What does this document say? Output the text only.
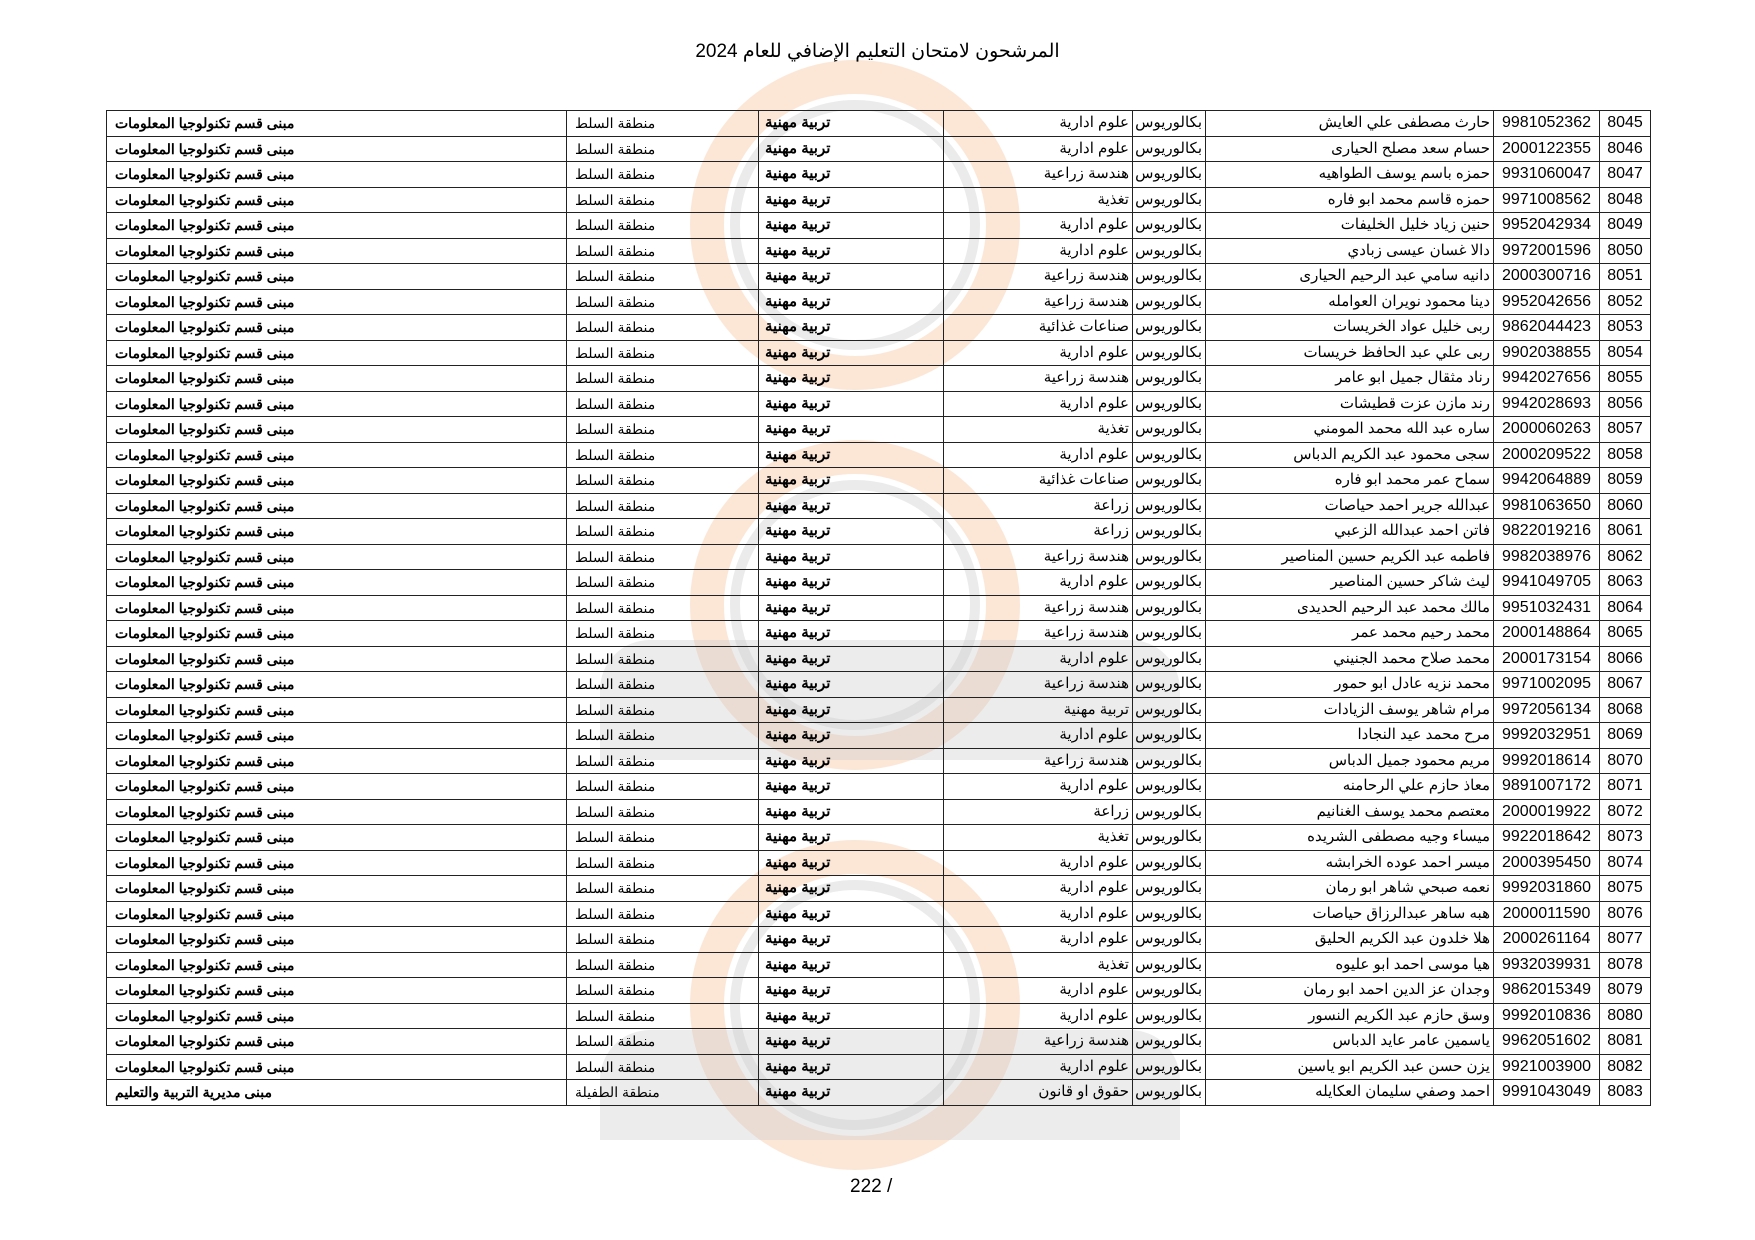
المرشحون لامتحان التعليم الإضافي للعام 2024
8045	9981052362	حارث مصطفى علي العايش	بكالوريوس	علوم ادارية	تربية مهنية	منطقة السلط	مبنى قسم تكنولوجيا المعلومات
8046	2000122355	حسام سعد مصلح الحيارى	بكالوريوس	علوم ادارية	تربية مهنية	منطقة السلط	مبنى قسم تكنولوجيا المعلومات
8047	9931060047	حمزه باسم يوسف الطواهيه	بكالوريوس	هندسة زراعية	تربية مهنية	منطقة السلط	مبنى قسم تكنولوجيا المعلومات
8048	9971008562	حمزه قاسم محمد ابو فاره	بكالوريوس	تغذية	تربية مهنية	منطقة السلط	مبنى قسم تكنولوجيا المعلومات
8049	9952042934	حنين زياد خليل الخليفات	بكالوريوس	علوم ادارية	تربية مهنية	منطقة السلط	مبنى قسم تكنولوجيا المعلومات
8050	9972001596	دالا غسان عيسى زبادي	بكالوريوس	علوم ادارية	تربية مهنية	منطقة السلط	مبنى قسم تكنولوجيا المعلومات
8051	2000300716	دانيه سامي عبد الرحيم الحيارى	بكالوريوس	هندسة زراعية	تربية مهنية	منطقة السلط	مبنى قسم تكنولوجيا المعلومات
8052	9952042656	دينا محمود نويران العوامله	بكالوريوس	هندسة زراعية	تربية مهنية	منطقة السلط	مبنى قسم تكنولوجيا المعلومات
8053	9862044423	ربى خليل عواد الخريسات	بكالوريوس	صناعات غذائية	تربية مهنية	منطقة السلط	مبنى قسم تكنولوجيا المعلومات
8054	9902038855	ربى علي عبد الحافظ خريسات	بكالوريوس	علوم ادارية	تربية مهنية	منطقة السلط	مبنى قسم تكنولوجيا المعلومات
8055	9942027656	رناد مثقال جميل ابو عامر	بكالوريوس	هندسة زراعية	تربية مهنية	منطقة السلط	مبنى قسم تكنولوجيا المعلومات
8056	9942028693	رند مازن عزت قطيشات	بكالوريوس	علوم ادارية	تربية مهنية	منطقة السلط	مبنى قسم تكنولوجيا المعلومات
8057	2000060263	ساره عبد الله محمد المومني	بكالوريوس	تغذية	تربية مهنية	منطقة السلط	مبنى قسم تكنولوجيا المعلومات
8058	2000209522	سجى محمود عبد الكريم الدباس	بكالوريوس	علوم ادارية	تربية مهنية	منطقة السلط	مبنى قسم تكنولوجيا المعلومات
8059	9942064889	سماح عمر محمد ابو فاره	بكالوريوس	صناعات غذائية	تربية مهنية	منطقة السلط	مبنى قسم تكنولوجيا المعلومات
8060	9981063650	عبدالله جرير احمد حياصات	بكالوريوس	زراعة	تربية مهنية	منطقة السلط	مبنى قسم تكنولوجيا المعلومات
8061	9822019216	فاتن احمد عبدالله الزعبي	بكالوريوس	زراعة	تربية مهنية	منطقة السلط	مبنى قسم تكنولوجيا المعلومات
8062	9982038976	فاطمه عبد الكريم حسين المناصير	بكالوريوس	هندسة زراعية	تربية مهنية	منطقة السلط	مبنى قسم تكنولوجيا المعلومات
8063	9941049705	ليث شاكر حسين المناصير	بكالوريوس	علوم ادارية	تربية مهنية	منطقة السلط	مبنى قسم تكنولوجيا المعلومات
8064	9951032431	مالك محمد عبد الرحيم الحديدى	بكالوريوس	هندسة زراعية	تربية مهنية	منطقة السلط	مبنى قسم تكنولوجيا المعلومات
8065	2000148864	محمد رحيم محمد عمر	بكالوريوس	هندسة زراعية	تربية مهنية	منطقة السلط	مبنى قسم تكنولوجيا المعلومات
8066	2000173154	محمد صلاح محمد الجنيني	بكالوريوس	علوم ادارية	تربية مهنية	منطقة السلط	مبنى قسم تكنولوجيا المعلومات
8067	9971002095	محمد نزيه عادل ابو حمور	بكالوريوس	هندسة زراعية	تربية مهنية	منطقة السلط	مبنى قسم تكنولوجيا المعلومات
8068	9972056134	مرام شاهر يوسف الزيادات	بكالوريوس	تربية مهنية	تربية مهنية	منطقة السلط	مبنى قسم تكنولوجيا المعلومات
8069	9992032951	مرح محمد عيد النجادا	بكالوريوس	علوم ادارية	تربية مهنية	منطقة السلط	مبنى قسم تكنولوجيا المعلومات
8070	9992018614	مريم محمود جميل الدباس	بكالوريوس	هندسة زراعية	تربية مهنية	منطقة السلط	مبنى قسم تكنولوجيا المعلومات
8071	9891007172	معاذ حازم علي الرحامنه	بكالوريوس	علوم ادارية	تربية مهنية	منطقة السلط	مبنى قسم تكنولوجيا المعلومات
8072	2000019922	معتصم محمد يوسف الغنانيم	بكالوريوس	زراعة	تربية مهنية	منطقة السلط	مبنى قسم تكنولوجيا المعلومات
8073	9922018642	ميساء وجيه مصطفى الشريده	بكالوريوس	تغذية	تربية مهنية	منطقة السلط	مبنى قسم تكنولوجيا المعلومات
8074	2000395450	ميسر احمد عوده الخرابشه	بكالوريوس	علوم ادارية	تربية مهنية	منطقة السلط	مبنى قسم تكنولوجيا المعلومات
8075	9992031860	نعمه صبحي شاهر ابو رمان	بكالوريوس	علوم ادارية	تربية مهنية	منطقة السلط	مبنى قسم تكنولوجيا المعلومات
8076	2000011590	هبه ساهر عبدالرزاق حياصات	بكالوريوس	علوم ادارية	تربية مهنية	منطقة السلط	مبنى قسم تكنولوجيا المعلومات
8077	2000261164	هلا خلدون عبد الكريم الحليق	بكالوريوس	علوم ادارية	تربية مهنية	منطقة السلط	مبنى قسم تكنولوجيا المعلومات
8078	9932039931	هيا موسى احمد ابو عليوه	بكالوريوس	تغذية	تربية مهنية	منطقة السلط	مبنى قسم تكنولوجيا المعلومات
8079	9862015349	وجدان عز الدين احمد ابو رمان	بكالوريوس	علوم ادارية	تربية مهنية	منطقة السلط	مبنى قسم تكنولوجيا المعلومات
8080	9992010836	وسق حازم عبد الكريم النسور	بكالوريوس	علوم ادارية	تربية مهنية	منطقة السلط	مبنى قسم تكنولوجيا المعلومات
8081	9962051602	ياسمين عامر عايد الدباس	بكالوريوس	هندسة زراعية	تربية مهنية	منطقة السلط	مبنى قسم تكنولوجيا المعلومات
8082	9921003900	يزن حسن عبد الكريم ابو ياسين	بكالوريوس	علوم ادارية	تربية مهنية	منطقة السلط	مبنى قسم تكنولوجيا المعلومات
8083	9991043049	احمد وصفي سليمان العكايله	بكالوريوس	حقوق او قانون	تربية مهنية	منطقة الطفيلة	مبنى مديرية التربية والتعليم
222 /
